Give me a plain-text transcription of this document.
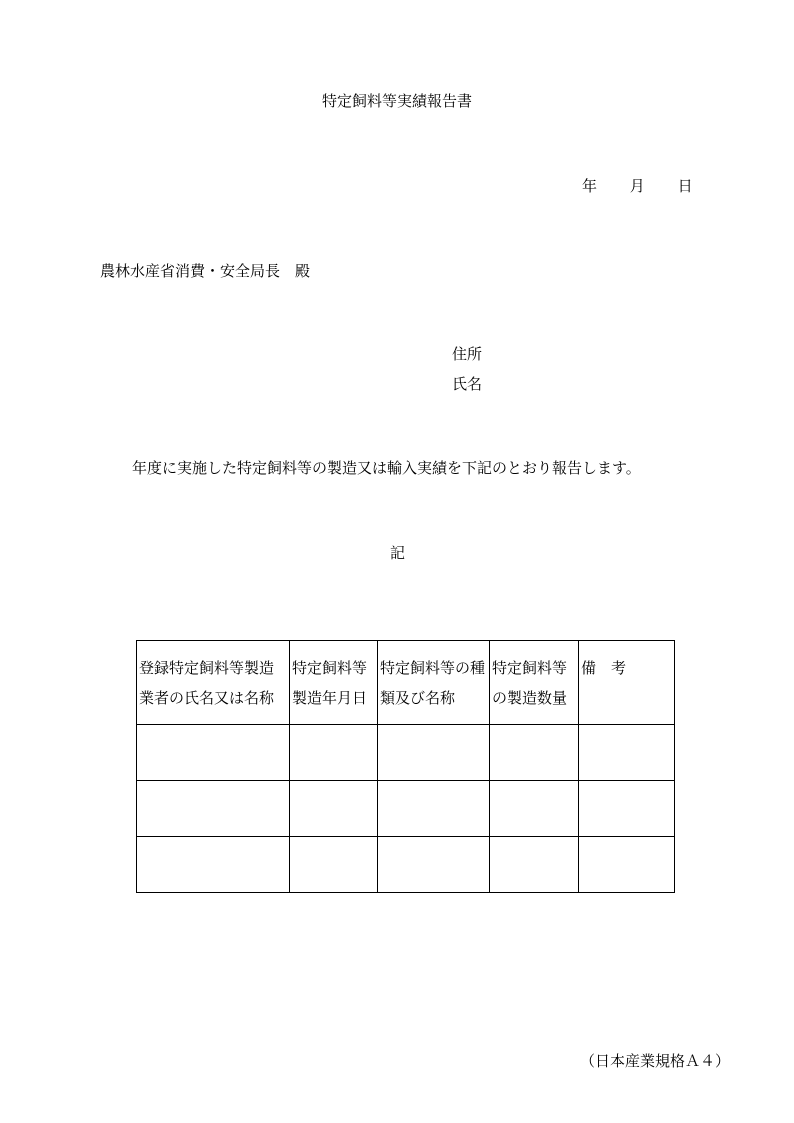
特定飼料等実績報告書
年 月 日
農林水産省消費・安全局長　殿
住所
氏名
年度に実施した特定飼料等の製造又は輸入実績を下記のとおり報告します。
記
登録特定飼料等製造業者の氏名又は名称	特定飼料等製造年月日	特定飼料等の種類及び名称	特定飼料等の製造数量	備　考

（日本産業規格Ａ４）
